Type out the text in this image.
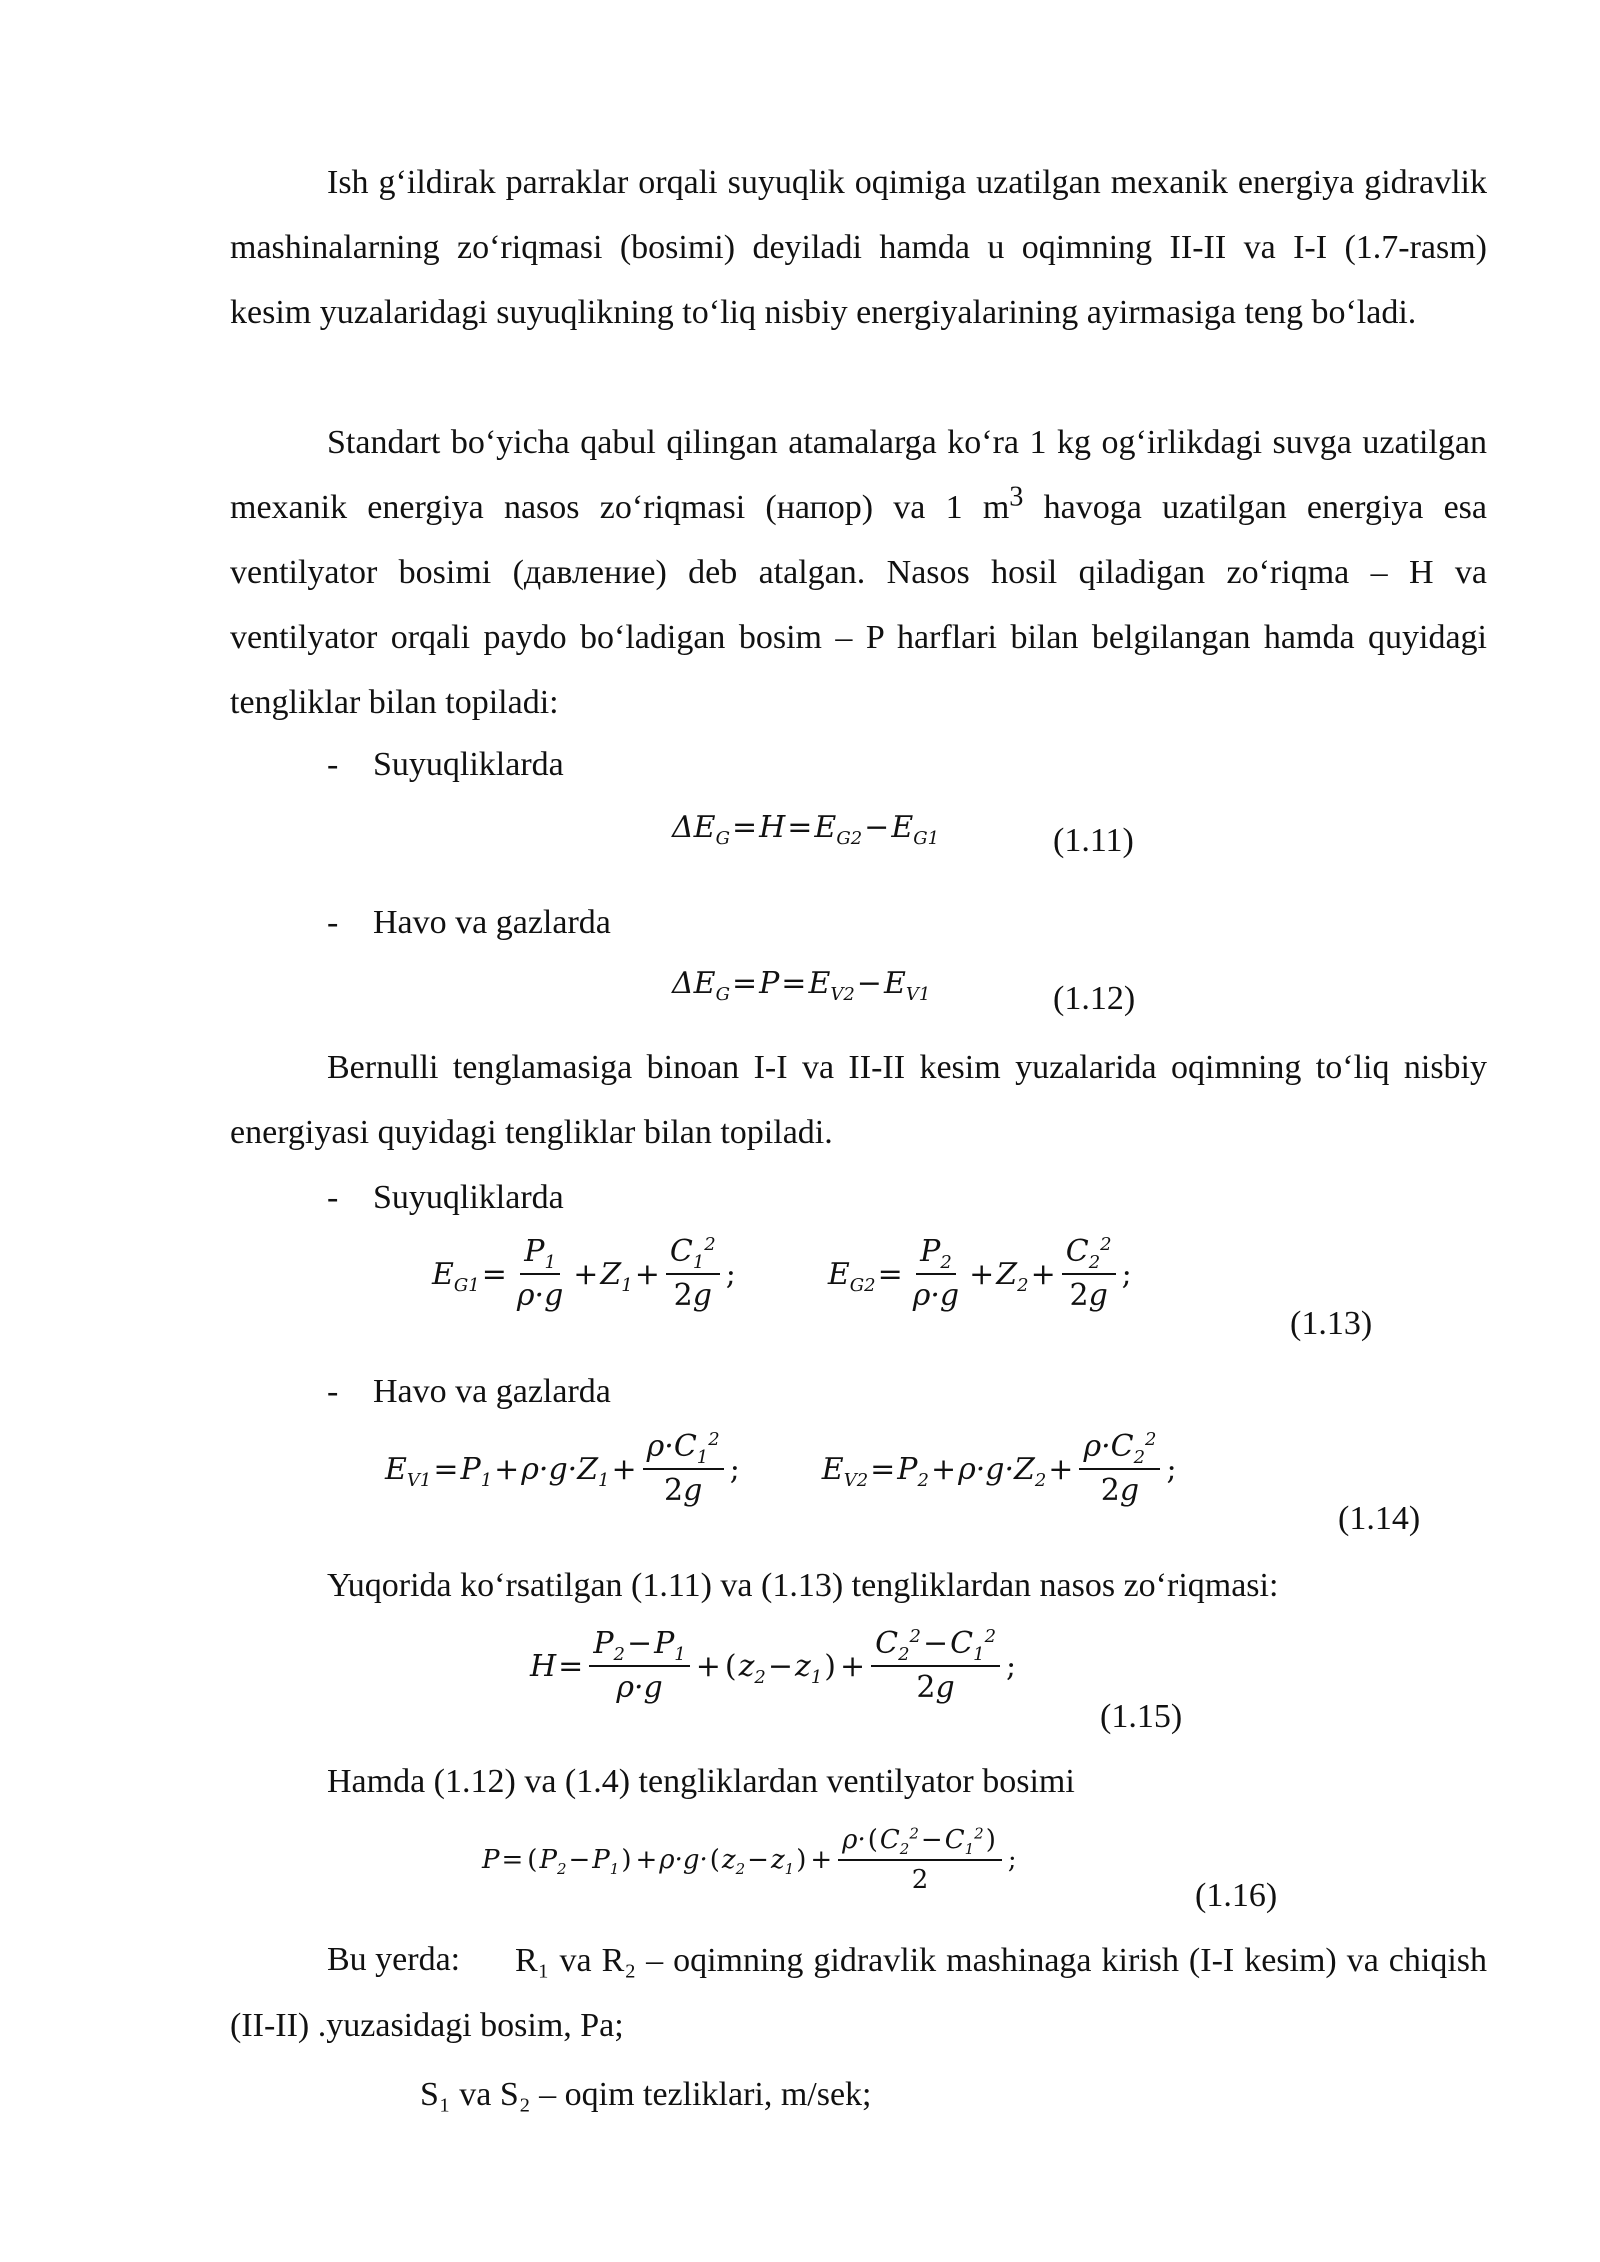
Ish g‘ildirak parraklar orqali suyuqlik oqimiga uzatilgan mexanik energiya gidravlik mashinalarning zo‘riqmasi (bosimi) deyiladi hamda u oqimning II-II va I-I (1.7-rasm) kesim yuzalaridagi suyuqlikning to‘liq nisbiy energiyalarining ayirmasiga teng bo‘ladi.

Standart bo‘yicha qabul qilingan atamalarga ko‘ra 1 kg og‘irlikdagi suvga uzatilgan mexanik energiya nasos zo‘riqmasi (напор) va 1 $m^3$ havoga uzatilgan energiya esa ventilyator bosimi (давление) deb atalgan. Nasos hosil qiladigan zo‘riqma – H va ventilyator orqali paydo bo‘ladigan bosim – P harflari bilan belgilangan hamda quyidagi tengliklar bilan topiladi:

- Suyuqliklarda
$\Delta E_G = H = E_{G2} - E_{G1}$	(1.11)
- Havo va gazlarda
$\Delta E_G = P = E_{V2} - E_{V1}$	(1.12)

Bernulli tenglamasiga binoan I-I va II-II kesim yuzalarida oqimning to‘liq nisbiy energiyasi quyidagi tengliklar bilan topiladi.

- Suyuqliklarda
$E_{G1} = \frac{P_1}{\rho\cdot g} + Z_1 + \frac{C_1^2}{2g}$ ;	$E_{G2} = \frac{P_2}{\rho\cdot g} + Z_2 + \frac{C_2^2}{2g}$ ;
(1.13)
- Havo va gazlarda
$E_{V1} = P_1 + \rho\cdot g\cdot Z_1 + \frac{\rho\cdot C_1^2}{2g}$ ;	$E_{V2} = P_2 + \rho\cdot g\cdot Z_2 + \frac{\rho\cdot C_2^2}{2g}$ ;
(1.14)
Yuqorida ko‘rsatilgan (1.11) va (1.13) tengliklardan nasos zo‘riqmasi:
$H = \frac{P_2-P_1}{\rho\cdot g}$ + ( $z_2 - z_1$ ) + $\frac{C_2^2-C_1^2}{2g}$ ;
(1.15)
Hamda (1.12) va (1.4) tengliklardan ventilyator bosimi
P = ( $P_2 - P_1$ ) + ρ·g· ( $z_2 - z_1$ ) + $\frac{\rho\cdot(C_2^2-C_1^2)}{2}$ ;
(1.16)
Bu yerda:	R₁ va R₂ – oqimning gidravlik mashinaga kirish (I-I kesim) va chiqish (II-II) .yuzasidagi bosim, Pa;

S₁ va S₂ – oqim tezliklari, m/sek;
